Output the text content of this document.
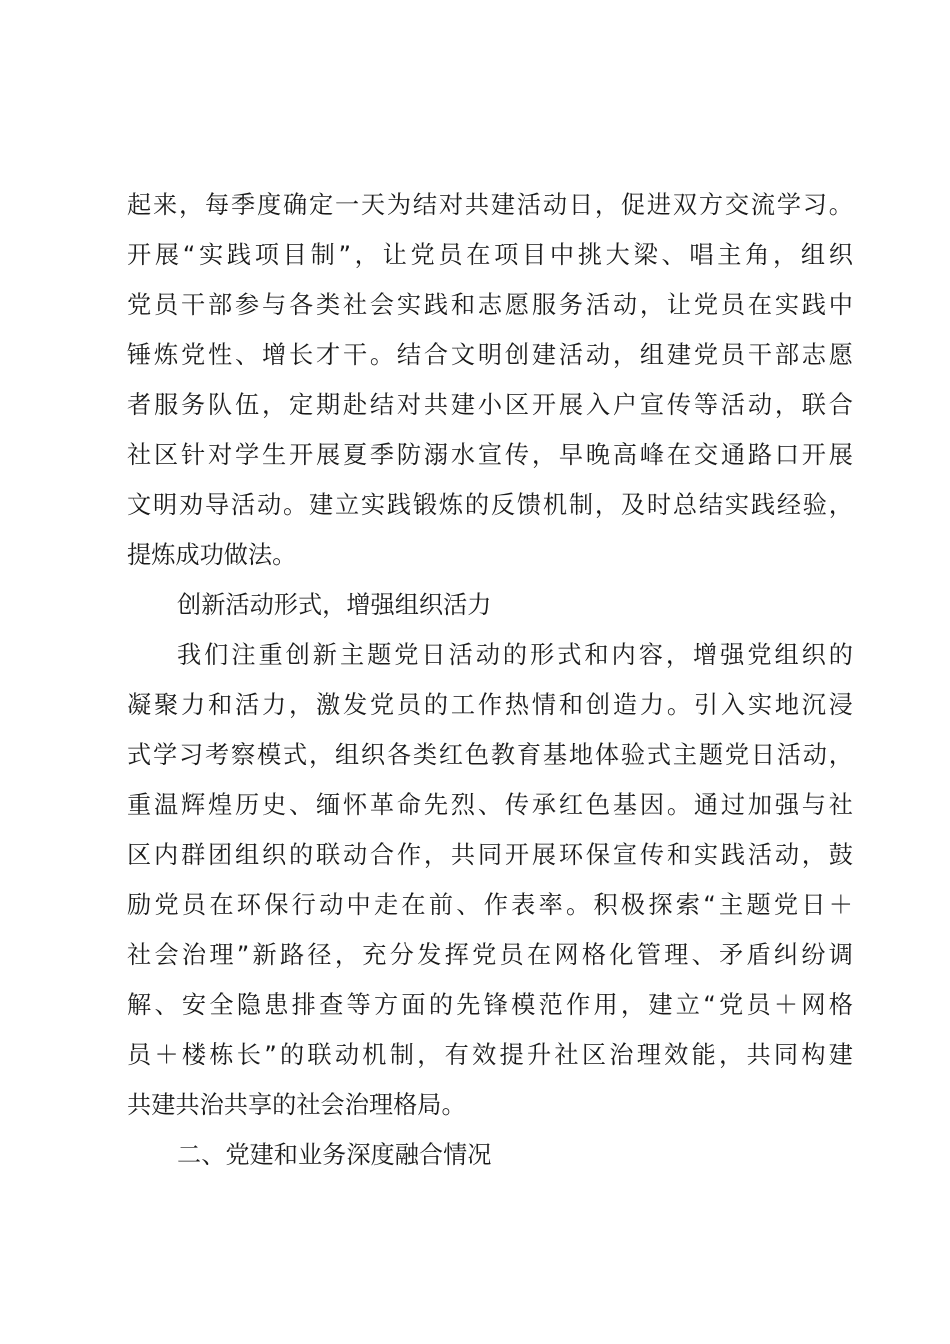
起来，每季度确定一天为结对共建活动日，促进双方交流学习。
开展“实践项目制”，让党员在项目中挑大梁、唱主角，组织
党员干部参与各类社会实践和志愿服务活动，让党员在实践中
锤炼党性、增长才干。结合文明创建活动，组建党员干部志愿
者服务队伍，定期赴结对共建小区开展入户宣传等活动，联合
社区针对学生开展夏季防溺水宣传，早晚高峰在交通路口开展
文明劝导活动。建立实践锻炼的反馈机制，及时总结实践经验，
提炼成功做法。
创新活动形式，增强组织活力
我们注重创新主题党日活动的形式和内容，增强党组织的
凝聚力和活力，激发党员的工作热情和创造力。引入实地沉浸
式学习考察模式，组织各类红色教育基地体验式主题党日活动，
重温辉煌历史、缅怀革命先烈、传承红色基因。通过加强与社
区内群团组织的联动合作，共同开展环保宣传和实践活动，鼓
励党员在环保行动中走在前、作表率。积极探索“主题党日＋
社会治理”新路径，充分发挥党员在网格化管理、矛盾纠纷调
解、安全隐患排查等方面的先锋模范作用，建立“党员＋网格
员＋楼栋长”的联动机制，有效提升社区治理效能，共同构建
共建共治共享的社会治理格局。
二、党建和业务深度融合情况
